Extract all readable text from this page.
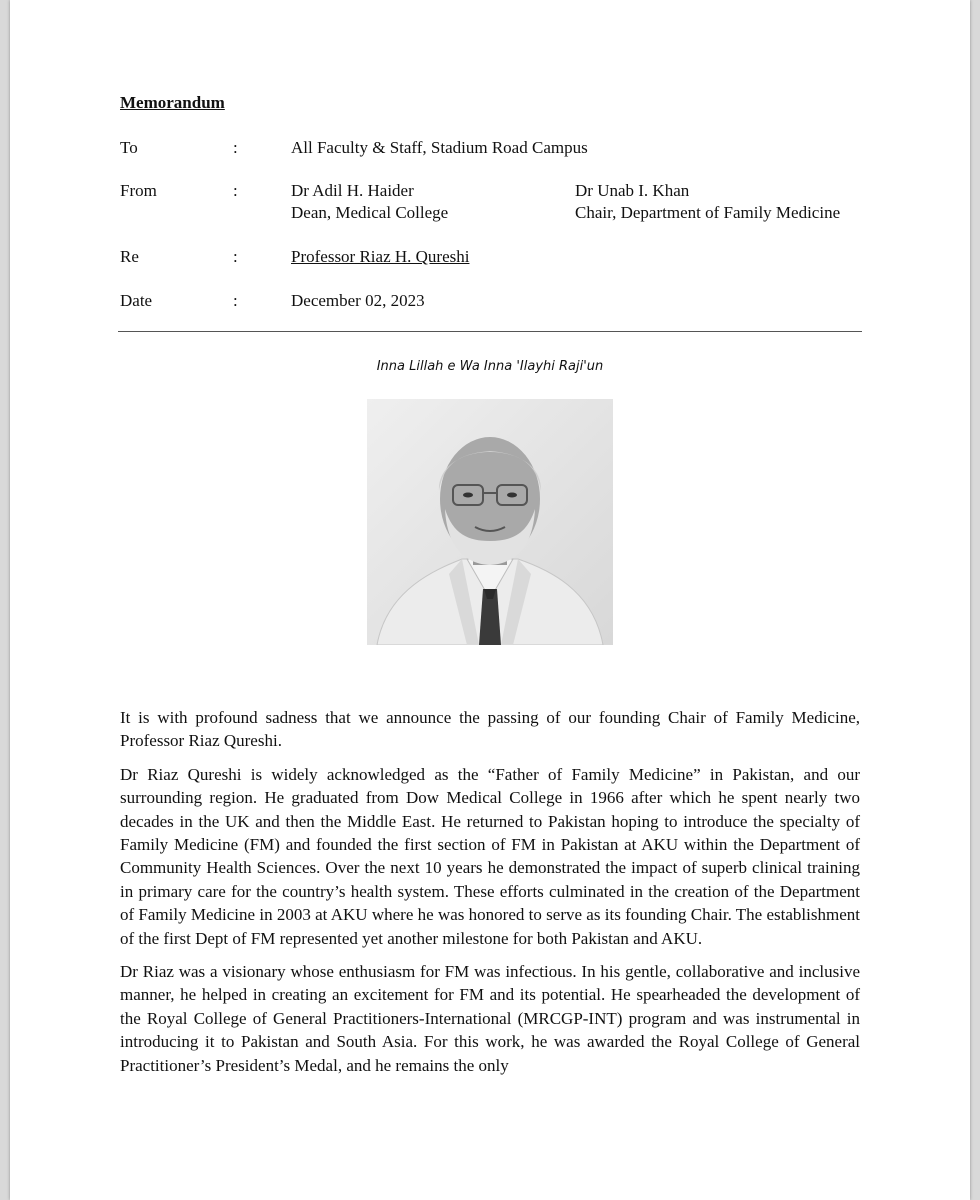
Memorandum
To	:	All Faculty & Staff, Stadium Road Campus
From	:	Dr Adil H. Haider	Dr Unab I. Khan
Dean, Medical College	Chair, Department of Family Medicine
Re	:	Professor Riaz H. Qureshi
Date	:	December 02, 2023
Inna Lillah e Wa Inna 'Ilayhi Raji'un

It is with profound sadness that we announce the passing of our founding Chair of Family Medicine, Professor Riaz Qureshi.

Dr Riaz Qureshi is widely acknowledged as the “Father of Family Medicine” in Pakistan, and our surrounding region. He graduated from Dow Medical College in 1966 after which he spent nearly two decades in the UK and then the Middle East. He returned to Pakistan hoping to introduce the specialty of Family Medicine (FM) and founded the first section of FM in Pakistan at AKU within the Department of Community Health Sciences. Over the next 10 years he demonstrated the impact of superb clinical training in primary care for the country’s health system. These efforts culminated in the creation of the Department of Family Medicine in 2003 at AKU where he was honored to serve as its founding Chair. The establishment of the first Dept of FM represented yet another milestone for both Pakistan and AKU.

Dr Riaz was a visionary whose enthusiasm for FM was infectious. In his gentle, collaborative and inclusive manner, he helped in creating an excitement for FM and its potential. He spearheaded the development of the Royal College of General Practitioners-International (MRCGP-INT) program and was instrumental in introducing it to Pakistan and South Asia. For this work, he was awarded the Royal College of General Practitioner’s President’s Medal, and he remains the only
